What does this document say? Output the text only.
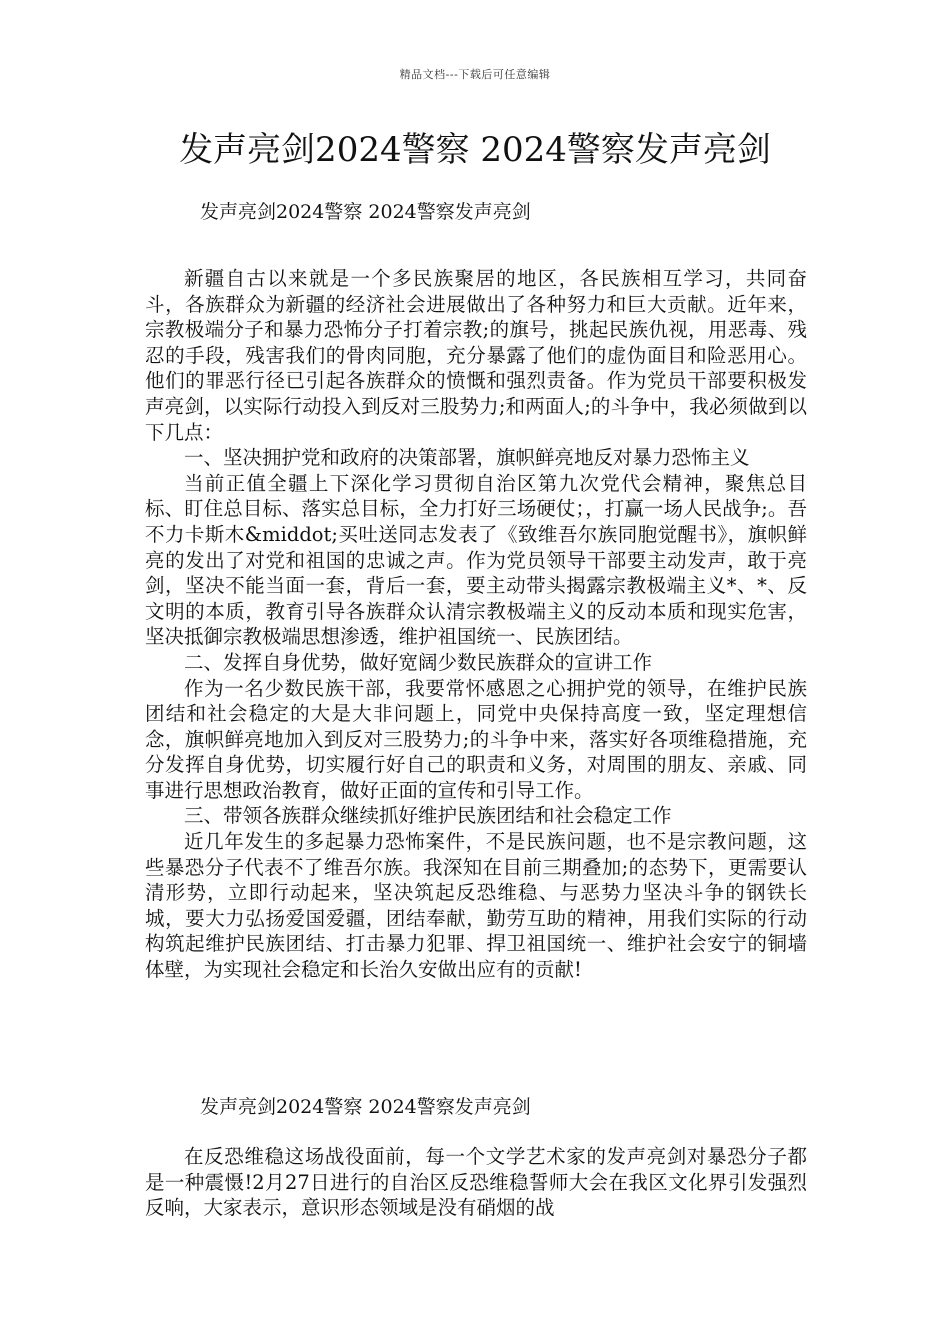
精品文档---下载后可任意编辑
发声亮剑2024警察 2024警察发声亮剑
发声亮剑2024警察 2024警察发声亮剑

新疆自古以来就是一个多民族聚居的地区，各民族相互学习，共同奋斗，各族群众为新疆的经济社会进展做出了各种努力和巨大贡献。近年来，宗教极端分子和暴力恐怖分子打着宗教;的旗号，挑起民族仇视，用恶毒、残忍的手段，残害我们的骨肉同胞，充分暴露了他们的虚伪面目和险恶用心。他们的罪恶行径已引起各族群众的愤慨和强烈责备。作为党员干部要积极发声亮剑，以实际行动投入到反对三股势力;和两面人;的斗争中，我必须做到以下几点：

一、坚决拥护党和政府的决策部署，旗帜鲜亮地反对暴力恐怖主义

当前正值全疆上下深化学习贯彻自治区第九次党代会精神，聚焦总目标、盯住总目标、落实总目标，全力打好三场硬仗；，打赢一场人民战争;。吾不力卡斯木&middot;买吐送同志发表了《致维吾尔族同胞觉醒书》，旗帜鲜亮的发出了对党和祖国的忠诚之声。作为党员领导干部要主动发声，敢于亮剑，坚决不能当面一套，背后一套，要主动带头揭露宗教极端主义*、*、反文明的本质，教育引导各族群众认清宗教极端主义的反动本质和现实危害，坚决抵御宗教极端思想渗透，维护祖国统一、民族团结。

二、发挥自身优势，做好宽阔少数民族群众的宣讲工作

作为一名少数民族干部，我要常怀感恩之心拥护党的领导，在维护民族团结和社会稳定的大是大非问题上，同党中央保持高度一致，坚定理想信念，旗帜鲜亮地加入到反对三股势力;的斗争中来，落实好各项维稳措施，充分发挥自身优势，切实履行好自己的职责和义务，对周围的朋友、亲戚、同事进行思想政治教育，做好正面的宣传和引导工作。

三、带领各族群众继续抓好维护民族团结和社会稳定工作

近几年发生的多起暴力恐怖案件，不是民族问题，也不是宗教问题，这些暴恐分子代表不了维吾尔族。我深知在目前三期叠加;的态势下，更需要认清形势，立即行动起来，坚决筑起反恐维稳、与恶势力坚决斗争的钢铁长城，要大力弘扬爱国爱疆，团结奉献，勤劳互助的精神，用我们实际的行动构筑起维护民族团结、打击暴力犯罪、捍卫祖国统一、维护社会安宁的铜墙体壁，为实现社会稳定和长治久安做出应有的贡献!

发声亮剑2024警察 2024警察发声亮剑

在反恐维稳这场战役面前，每一个文学艺术家的发声亮剑对暴恐分子都是一种震慑!2月27日进行的自治区反恐维稳誓师大会在我区文化界引发强烈反响，大家表示，意识形态领域是没有硝烟的战
